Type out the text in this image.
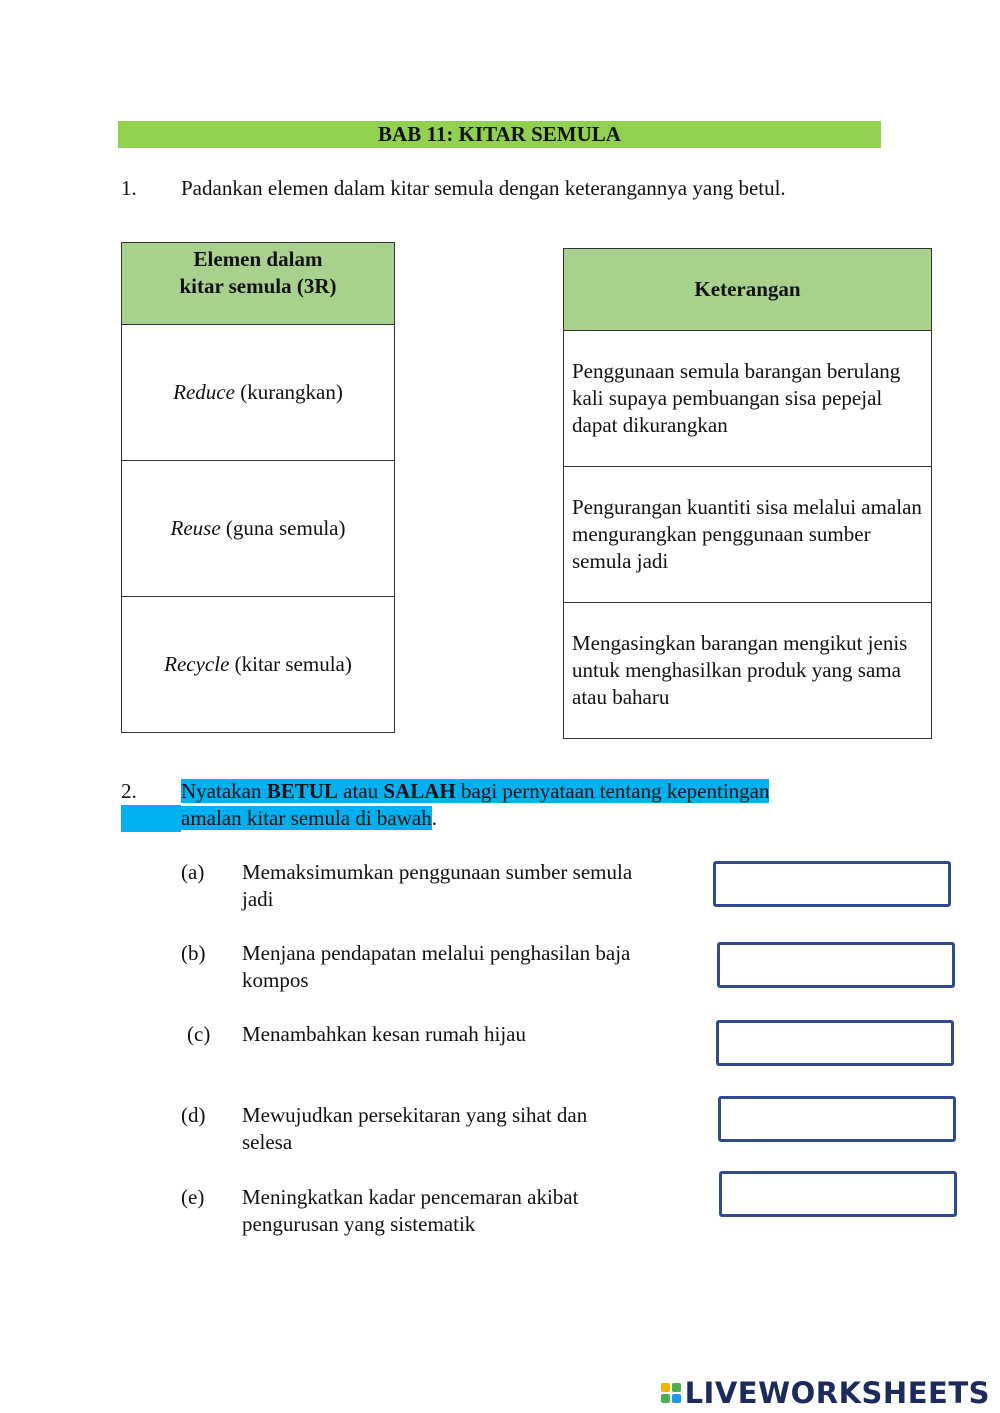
BAB 11: KITAR SEMULA
1. Padankan elemen dalam kitar semula dengan keterangannya yang betul.
Elemen dalam
kitar semula (3R)

Reduce (kurangkan)
Reuse (guna semula)
Recycle (kitar semula)
Keterangan
Penggunaan semula barangan berulang kali supaya pembuangan sisa pepejal dapat dikurangkan
Pengurangan kuantiti sisa melalui amalan mengurangkan penggunaan sumber semula jadi
Mengasingkan barangan mengikut jenis untuk menghasilkan produk yang sama atau baharu
2. Nyatakan BETUL atau SALAH bagi pernyataan tentang kepentingan
amalan kitar semula di bawah.
(a) Memaksimumkan penggunaan sumber semula
jadi
(b) Menjana pendapatan melalui penghasilan baja
kompos
(c) Menambahkan kesan rumah hijau
(d) Mewujudkan persekitaran yang sihat dan
selesa
(e) Meningkatkan kadar pencemaran akibat
pengurusan yang sistematik
LIVEWORKSHEETS
